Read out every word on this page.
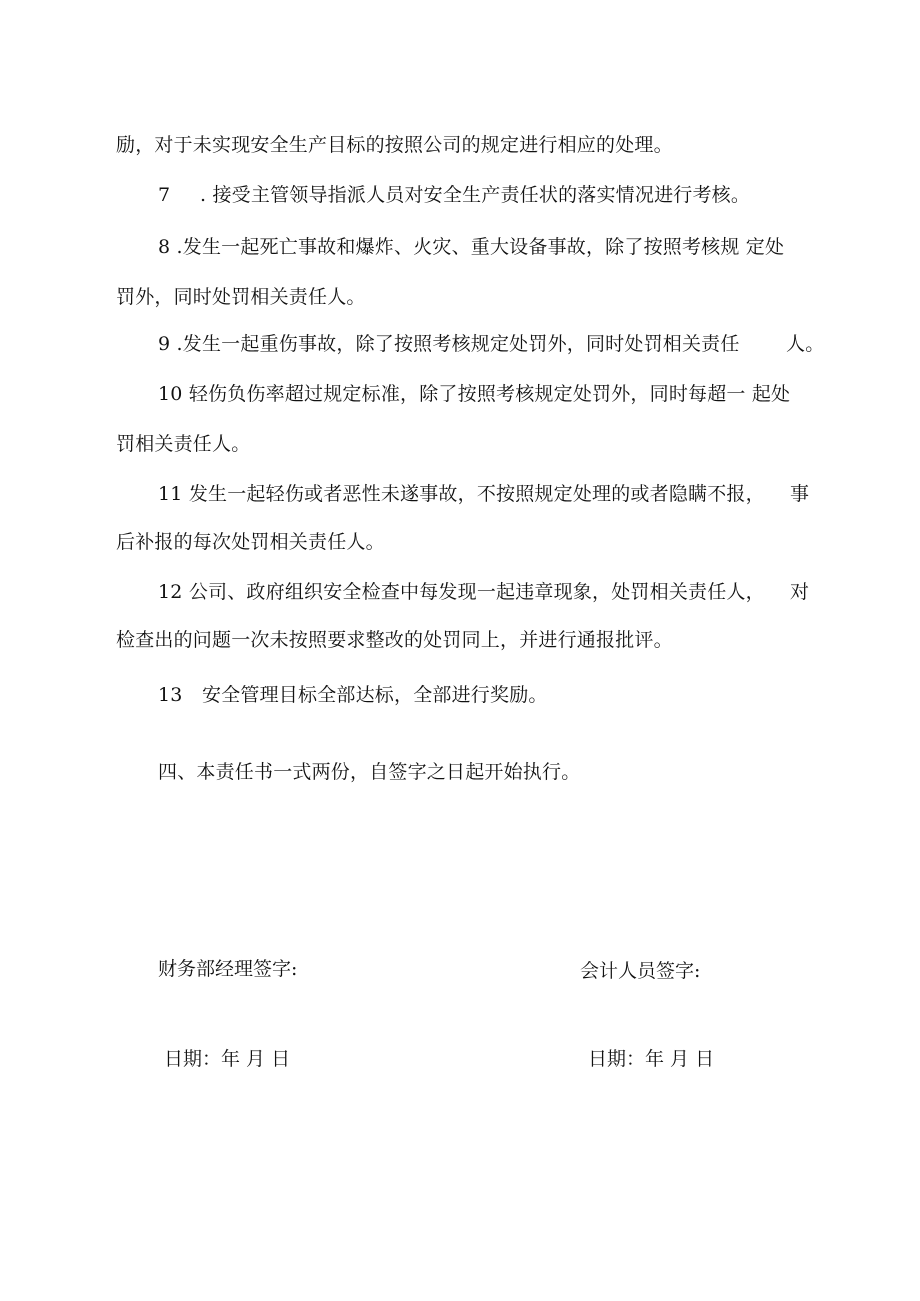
励，对于未实现安全生产目标的按照公司的规定进行相应的处理。
7 . 接受主管领导指派人员对安全生产责任状的落实情况进行考核。
8 .发生一起死亡事故和爆炸、火灾、重大设备事故，除了按照考核规 定处
罚外，同时处罚相关责任人。
9 .发生一起重伤事故，除了按照考核规定处罚外，同时处罚相关责任 人。
10 轻伤负伤率超过规定标准，除了按照考核规定处罚外，同时每超一 起处
罚相关责任人。
11 发生一起轻伤或者恶性未遂事故，不按照规定处理的或者隐瞒不报， 事
后补报的每次处罚相关责任人。
12 公司、政府组织安全检查中每发现一起违章现象，处罚相关责任人， 对
检查出的问题一次未按照要求整改的处罚同上，并进行通报批评。
13 安全管理目标全部达标，全部进行奖励。
四、本责任书一式两份，自签字之日起开始执行。
财务部经理签字:	会计人员签字:
日期：年 月 日	日期：年 月 日
